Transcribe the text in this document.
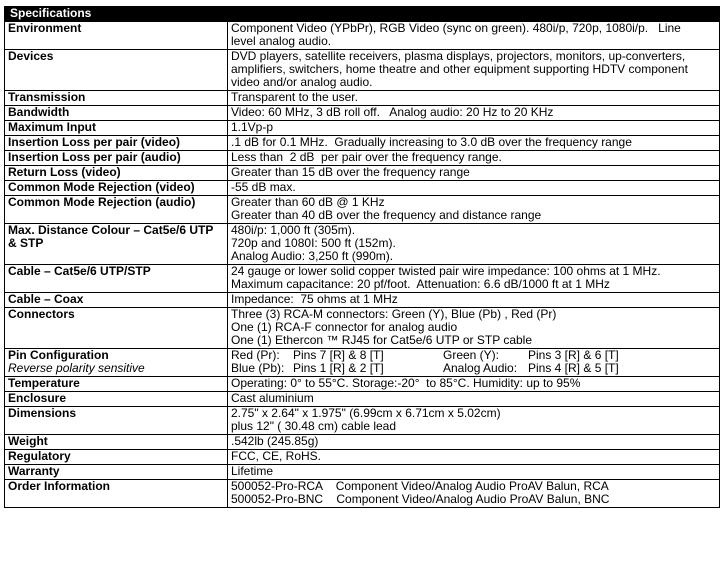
Specifications
Environment	Component Video (YPbPr), RGB Video (sync on green). 480i/p, 720p, 1080i/p.   Line
level analog audio.

Devices	DVD players, satellite receivers, plasma displays, projectors, monitors, up-converters,
amplifiers, switchers, home theatre and other equipment supporting HDTV component
video and/or analog audio.

Transmission	Transparent to the user.

Bandwidth	Video: 60 MHz, 3 dB roll off.   Analog audio: 20 Hz to 20 KHz

Maximum Input	1.1Vp-p

Insertion Loss per pair (video)	.1 dB for 0.1 MHz.  Gradually increasing to 3.0 dB over the frequency range

Insertion Loss per pair (audio)	Less than  2 dB  per pair over the frequency range.

Return Loss (video)	Greater than 15 dB over the frequency range

Common Mode Rejection (video)	-55 dB max.

Common Mode Rejection (audio)	Greater than 60 dB @ 1 KHz
Greater than 40 dB over the frequency and distance range

Max. Distance Colour – Cat5e/6 UTP & STP	480i/p: 1,000 ft (305m).
720p and 1080I: 500 ft (152m).
Analog Audio: 3,250 ft (990m).

Cable – Cat5e/6 UTP/STP	24 gauge or lower solid copper twisted pair wire impedance: 100 ohms at 1 MHz.
Maximum capacitance: 20 pf/foot.  Attenuation: 6.6 dB/1000 ft at 1 MHz

Cable – Coax	Impedance:  75 ohms at 1 MHz

Connectors	Three (3) RCA-M connectors: Green (Y), Blue (Pb) , Red (Pr)
One (1) RCA-F connector for analog audio
One (1) Ethercon ™ RJ45 for Cat5e/6 UTP or STP cable

Pin Configuration
Reverse polarity sensitive	Red (Pr): Pins 7 [R] & 8 [T] Green (Y): Pins 3 [R] & 6 [T]
Blue (Pb): Pins 1 [R] & 2 [T] Analog Audio: Pins 4 [R] & 5 [T]

Temperature	Operating: 0° to 55°C. Storage:-20°  to 85°C. Humidity: up to 95%

Enclosure	Cast aluminium

Dimensions	2.75" x 2.64" x 1.975" (6.99cm x 6.71cm x 5.02cm)
plus 12" ( 30.48 cm) cable lead

Weight	.542lb (245.85g)

Regulatory	FCC, CE, RoHS.

Warranty	Lifetime

Order Information	500052-Pro-RCA    Component Video/Analog Audio ProAV Balun, RCA
500052-Pro-BNC    Component Video/Analog Audio ProAV Balun, BNC
